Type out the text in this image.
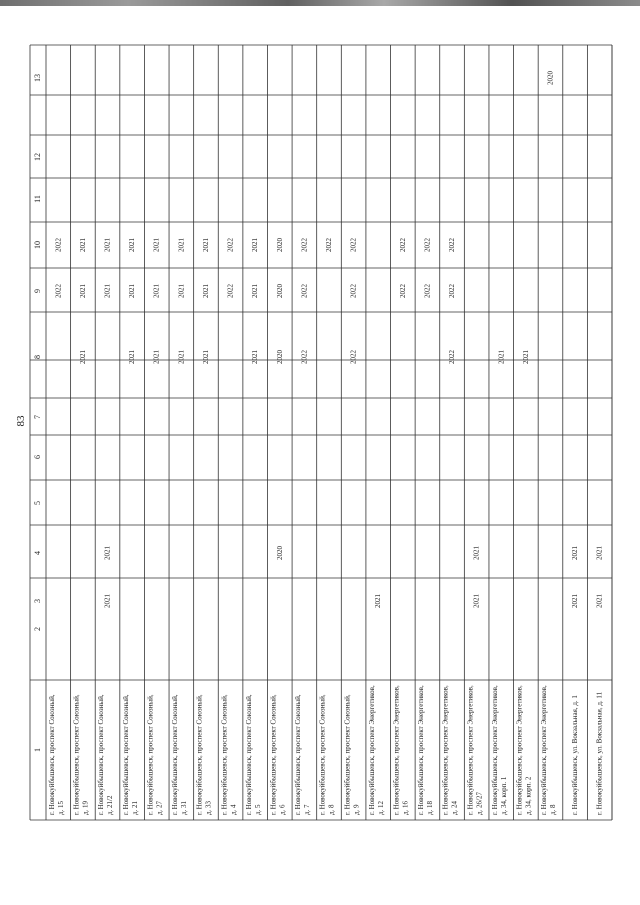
83
1
2
3
4
5
6
7
8
9
10
11
12
13
г. Новокуйбышевск, проспект Союзный, д. 15
2022
2022
г. Новокуйбышевск, проспект Союзный, д. 19
2021
2021
2021
г. Новокуйбышевск, проспект Союзный, д. 21/2
2021
2021
2021
2021
г. Новокуйбышевск, проспект Союзный, д. 21
2021
2021
2021
г. Новокуйбышевск, проспект Союзный, д. 27
2021
2021
2021
г. Новокуйбышевск, проспект Союзный, д. 31
2021
2021
2021
г. Новокуйбышевск, проспект Союзный, д. 33
2021
2021
2021
г. Новокуйбышевск, проспект Союзный, д. 4
2022
2022
г. Новокуйбышевск, проспект Союзный, д. 5
2021
2021
2021
г. Новокуйбышевск, проспект Союзный, д. 6
2020
2020
2020
2020
г. Новокуйбышевск, проспект Союзный, д. 7
2022
2022
2022
г. Новокуйбышевск, проспект Союзный, д. 8
2022
г. Новокуйбышевск, проспект Союзный, д. 9
2022
2022
2022
г. Новокуйбышевск, проспект Энергетиков, д. 12
2021
г. Новокуйбышевск, проспект Энергетиков, д. 16
2022
2022
г. Новокуйбышевск, проспект Энергетиков, д. 18
2022
2022
г. Новокуйбышевск, проспект Энергетиков, д. 24
2022
2022
2022
г. Новокуйбышевск, проспект Энергетиков, д. 26/27
2021
2021
г. Новокуйбышевск, проспект Энергетиков, д. 34, корп. 1
2021
г. Новокуйбышевск, проспект Энергетиков, д. 34, корп. 2
2021
г. Новокуйбышевск, проспект Энергетиков, д. 8
2020
г. Новокуйбышевск, ул. Вокзальная, д. 1
2021
2021
г. Новокуйбышевск, ул. Вокзальная, д. 11
2021
2021
